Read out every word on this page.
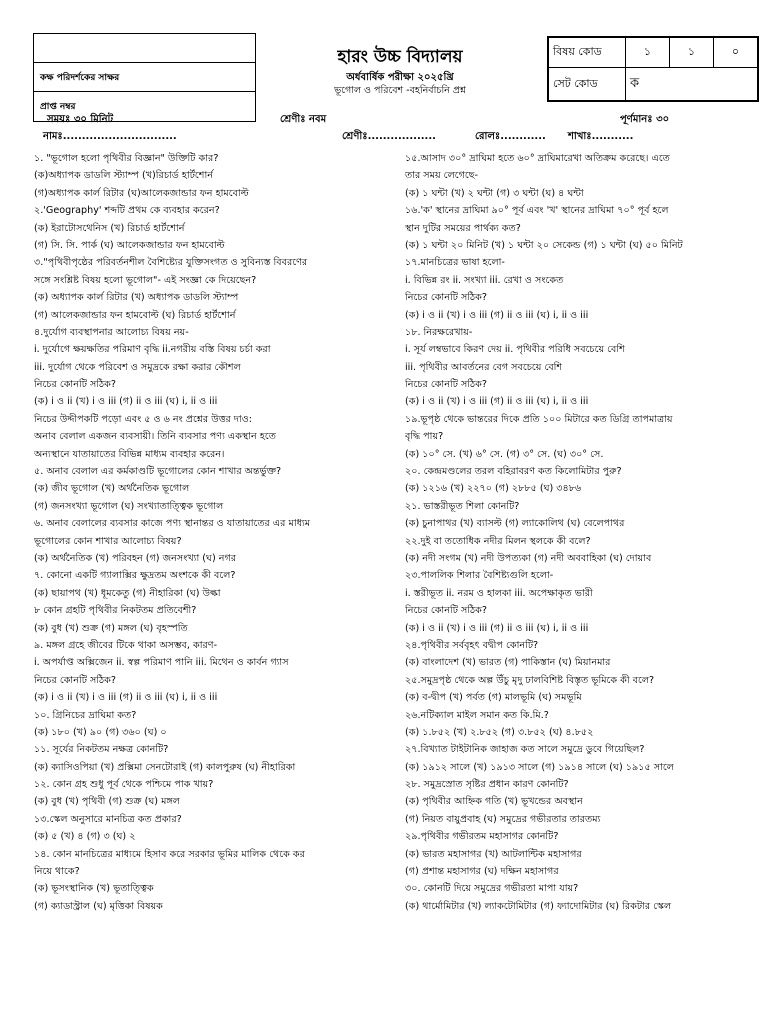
কক্ষ পরিদর্শকের সাক্ষর
প্রাপ্ত নম্বর
হারং উচ্চ বিদ্যালয়
অর্ধবার্ষিক পরীক্ষা ২০২৫খ্রি
ভূগোল ও পরিবেশ -বহনির্বাচনি প্রশ্ন
বিষয় কোড	১	১	০
সেট কোড	ক		
সময়ঃ ৩০ মিনিট	শ্রেণীঃ নবম	পূর্ণমানঃ ৩০
নামঃ..............................	শ্রেণীঃ..................	রোলঃ............ শাখাঃ...........
১. "ভূগোল হলো পৃথিবীর বিজ্ঞান" উক্তিটি কার?
(ক)অধ্যাপক ডাডলি স্ট্যাম্প (খ)রিচার্ড হার্টশোর্ন
(গ)অধ্যাপক কার্ল রিটার (ঘ)আলেকজান্ডার ফন হামবোল্ট
২.'Geography' শব্দটি প্রথম কে ব্যবহার করেন?
(ক) ইরাটোসথেনিস (খ) রিচার্ড হার্টশোর্ন
(গ) সি. সি. পার্ক (ঘ) আলেকজান্ডার ফন হামবোল্ট
৩."পৃথিবীপৃষ্ঠের পরিবর্তনশীল বৈশিষ্ট্যের যুক্তিসংগত ও সুবিন্যস্ত বিবরণের
সঙ্গে সংশ্লিষ্ট বিষয় হলো ভূগোল"- এই সংজ্ঞা কে দিয়েছেন?
(ক) অধ্যাপক কার্ল রিটার (খ) অধ্যাপক ডাডলি স্ট্যাম্প
(গ) আলেকজান্ডার ফন হামবোল্ট (ঘ) রিচার্ড হার্টশোর্ন
৪.দুর্যোগ ব্যবস্থাপনার আলোচ্য বিষয় নয়-
i. দুর্যোগে ক্ষয়ক্ষতির পরিমাণ বৃদ্ধি ii.নগরীয় বস্তি বিষয় চর্চা করা
iii. দুর্যোগ থেকে পরিবেশ ও সমুদ্রকে রক্ষা করার কৌশল
নিচের কোনটি সঠিক?
(ক) i ও ii (খ) i ও iii (গ) ii ও iii (ঘ) i, ii ও iii
নিচের উদ্দীপকটি পড়ো এবং ৫ ও ৬ নং প্রশ্নের উত্তর দাও:
অনাব বেলাল একজন ব্যবসায়ী। তিনি ব্যবসার পণ্য একস্থান হতে
অন্যস্থানে যাতায়াতের বিভিন্ন মাধ্যম ব্যবহার করেন।
৫. অনাব বেলাল এর কর্মকাণ্ডটি ভূগোলের কোন শাখার অন্তর্ভুক্ত?
(ক) জীব ভূগোল (খ) অর্থনৈতিক ভূগোল
(গ) জনসংখ্যা ভূগোল (ঘ) সংখ্যাতাত্ত্বিক ভূগোল
৬. অনাব বেলালের ব্যবসার কাজে পণ্য স্থানান্তর ও যাতায়াতের এর মাধ্যম
ভূগোলের কোন শাখার আলোচ্য বিষয়?
(ক) অর্থনৈতিক (খ) পরিবহন (গ) জনসংখ্যা (ঘ) নগর
৭. কোনো একটি গ্যালাক্সির ক্ষুদ্রতম অংশকে কী বলে?
(ক) ছায়াপথ (খ) ধূমকেতু (গ) নীহারিকা (ঘ) উল্কা
৮ কোন গ্রহটি পৃথিবীর নিকটতম প্রতিবেশী?
(ক) বুধ (খ) শুক্র (গ) মঙ্গল (ঘ) বৃহস্পতি
৯. মঙ্গল গ্রহে জীবের টিকে থাকা অসম্ভব, কারণ-
i. অপর্যাপ্ত অক্সিজেন ii. স্বল্প পরিমাণ পানি iii. মিথেন ও কার্বন গ্যাস
নিচের কোনটি সঠিক?
(ক) i ও ii (খ) i ও iii (গ) ii ও iii (ঘ) i, ii ও iii
১০. গ্রিনিচের দ্রাঘিমা কত?
(ক) ১৮০ (খ) ৯০ (গ) ৩৬০ (ঘ) ০
১১. সূর্যের নিকটতম নক্ষত্র কোনটি?
(ক) ক্যাসিওপিয়া (খ) প্রক্সিমা সেনটোরাই (গ) কালপুরুষ (ঘ) নীহারিকা
১২. কোন গ্রহ শুধু পূর্ব থেকে পশ্চিমে পাক খায়?
(ক) বুধ (খ) পৃথিবী (গ) শুক্র (ঘ) মঙ্গল
১৩.স্কেল অনুসারে মানচিত্র কত প্রকার?
(ক) ৫ (খ) ৪ (গ) ৩ (ঘ) ২
১৪. কোন মানচিত্রের মাধ্যমে হিসাব করে সরকার ভূমির মালিক থেকে কর
নিয়ে থাকে?
(ক) ভূসংস্থানিক (খ) ভূতাত্ত্বিক
(গ) ক্যাডাস্ট্রাল (ঘ) মৃত্তিকা বিষয়ক
১৫.আসাদ ৩০° দ্রাঘিমা হতে ৬০° দ্রাঘিমারেখা অতিক্রম করেছে। এতে
তার সময় লেগেছে-
(ক) ১ ঘন্টা (খ) ২ ঘন্টা (গ) ৩ ঘন্টা (ঘ) ৪ ঘন্টা
১৬.'ক' স্থানের দ্রাঘিমা ৯০° পূর্ব এবং 'খ' স্থানের দ্রাঘিমা ৭০° পূর্ব হলে
স্থান দুটির সময়ের পার্থক্য কত?
(ক) ১ ঘন্টা ২০ মিনিট (খ) ১ ঘন্টা ২০ সেকেন্ড (গ) ১ ঘন্টা (ঘ) ৫০ মিনিট
১৭.মানচিত্রের ভাষা হলো-
i. বিভিন্ন রং ii. সংখ্যা iii. রেখা ও সংকেত
নিচের কোনটি সঠিক?
(ক) i ও ii (খ) i ও iii (গ) ii ও iii (ঘ) i, ii ও iii
১৮. নিরক্ষরেখায়-
i. সূর্য লম্বভাবে কিরণ দেয় ii. পৃথিবীর পরিধি সবচেয়ে বেশি
iii. পৃথিবীর আবর্তনের বেগ সবচেয়ে বেশি
নিচের কোনটি সঠিক?
(ক) i ও ii (খ) i ও iii (গ) ii ও iii (ঘ) i, ii ও iii
১৯.ভূপৃষ্ঠ থেকে ভান্তরের দিকে প্রতি ১০০ মিটারে কত ডিগ্রি তাপমাত্রায়
বৃদ্ধি পায়?
(ক) ১০° সে. (খ) ৬° সে. (গ) ৩° সে. (ঘ) ৩০° সে.
২০. কেন্দ্রমণ্ডলের তরল বহিরাবরণ কত কিলোমিটার পুরু?
(ক) ১২১৬ (খ) ২২৭০ (গ) ২৮৮৫ (ঘ) ৩৪৮৬
২১. ভাস্তরীভূত শিলা কোনটি?
(ক) চুনাপাথর (খ) ব্যাসল্ট (গ) ল্যাকোলিথ (ঘ) বেলেপাথর
২২.দুই বা ততোধিক নদীর মিলন স্থলকে কী বলে?
(ক) নদী সংগম (খ) নদী উপত্যকা (গ) নদী অববাহিকা (ঘ) দোয়াব
২৩.পাললিক শিলার বৈশিষ্ট্যগুলি হলো-
i. স্তরীভূত ii. নরম ও হালকা iii. অপেক্ষাকৃত ভারী
নিচের কোনটি সঠিক?
(ক) i ও ii (খ) i ও iii (গ) ii ও iii (ঘ) i, ii ও iii
২৪.পৃথিবীর সর্ববৃহৎ বদ্বীপ কোনটি?
(ক) বাংলাদেশ (খ) ভারত (গ) পাকিস্তান (ঘ) মিয়ানমার
২৫.সমুদ্রপৃষ্ঠ থেকে অল্প উঁচু মৃদু ঢালবিশিষ্ট বিস্তৃত ভূমিকে কী বলে?
(ক) ব-দ্বীপ (খ) পর্বত (গ) মালভূমি (ঘ) সমভূমি
২৬.নটিক্যাল মাইল সমান কত কি.মি.?
(ক) ১.৮৫২ (খ) ২.৮৫২ (গ) ৩.৮৫২ (ঘ) ৪.৮৫২
২৭.বিখ্যাত টাইটানিক জাহাজ কত সালে সমুদ্রে ডুবে গিয়েছিল?
(ক) ১৯১২ সালে (খ) ১৯১৩ সালে (গ) ১৯১৪ সালে (ঘ) ১৯১৫ সালে
২৮. সমুদ্রস্রোত সৃষ্টির প্রধান কারণ কোনটি?
(ক) পৃথিবীর আহ্নিক গতি (খ) ভূখন্ডের অবস্থান
(গ) নিয়ত বায়ুপ্রবাহ (ঘ) সমুদ্রের গভীরতার তারতম্য
২৯.পৃথিবীর গভীরতম মহাসাগর কোনটি?
(ক) ভারত মহাসাগর (খ) আটলান্টিক মহাসাগর
(গ) প্রশান্ত মহাসাগর (ঘ) দক্ষিন মহাসাগর
৩০. কোনটি দিয়ে সমুদ্রের গভীরতা মাপা যায়?
(ক) থার্মোমিটার (খ) ল্যাকটোমিটার (গ) ফ্যাদোমিটার (ঘ) রিকটার স্কেল
